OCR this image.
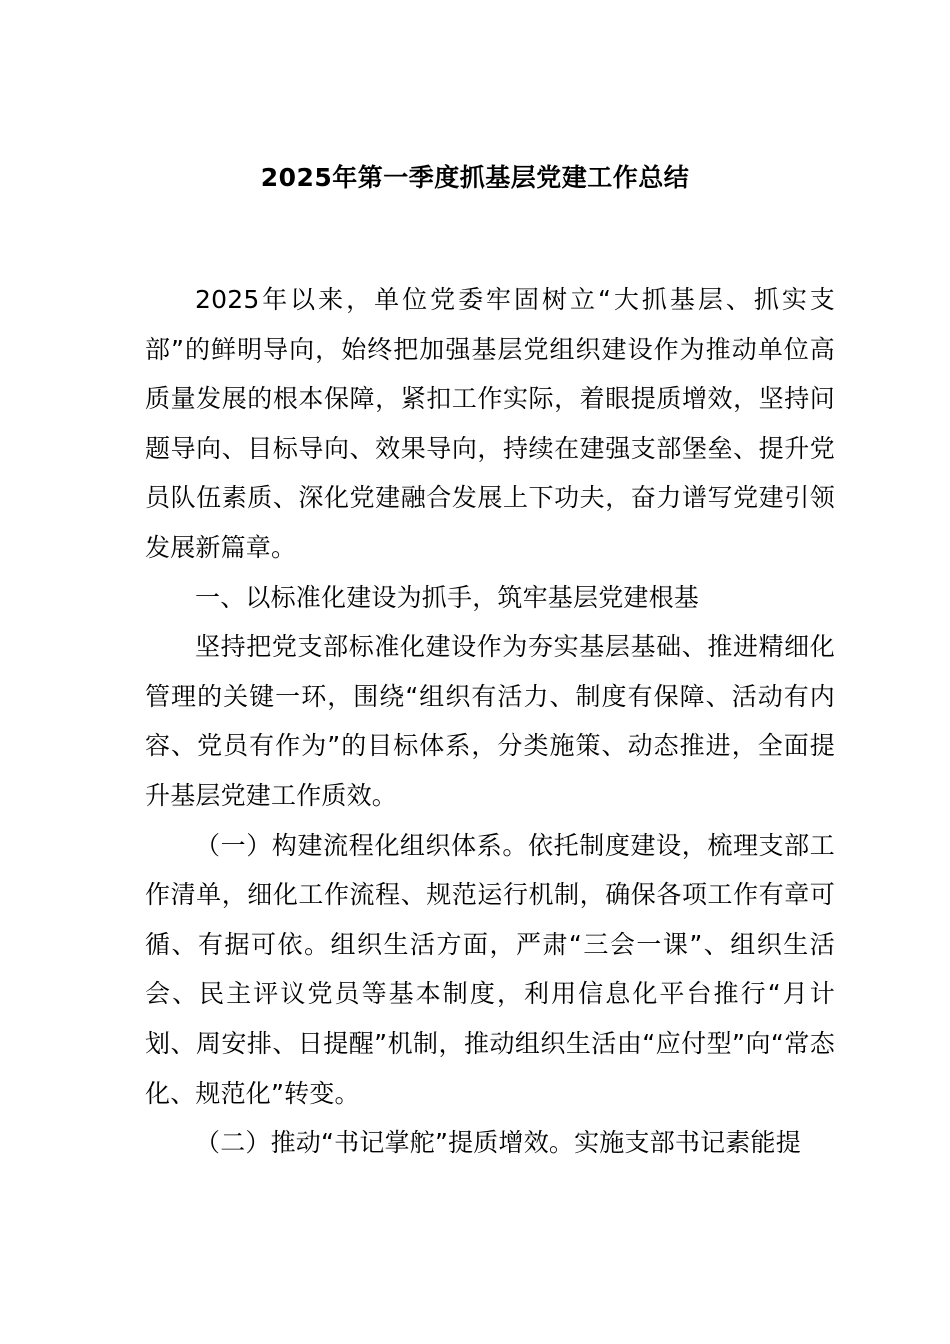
2025年第一季度抓基层党建工作总结

2025年以来，单位党委牢固树立“大抓基层、抓实支部”的鲜明导向，始终把加强基层党组织建设作为推动单位高质量发展的根本保障，紧扣工作实际，着眼提质增效，坚持问题导向、目标导向、效果导向，持续在建强支部堡垒、提升党员队伍素质、深化党建融合发展上下功夫，奋力谱写党建引领发展新篇章。

一、以标准化建设为抓手，筑牢基层党建根基

坚持把党支部标准化建设作为夯实基层基础、推进精细化管理的关键一环，围绕“组织有活力、制度有保障、活动有内容、党员有作为”的目标体系，分类施策、动态推进，全面提升基层党建工作质效。

（一）构建流程化组织体系。依托制度建设，梳理支部工作清单，细化工作流程、规范运行机制，确保各项工作有章可循、有据可依。组织生活方面，严肃“三会一课”、组织生活会、民主评议党员等基本制度，利用信息化平台推行“月计划、周安排、日提醒”机制，推动组织生活由“应付型”向“常态化、规范化”转变。

（二）推动“书记掌舵”提质增效。实施支部书记素能提
